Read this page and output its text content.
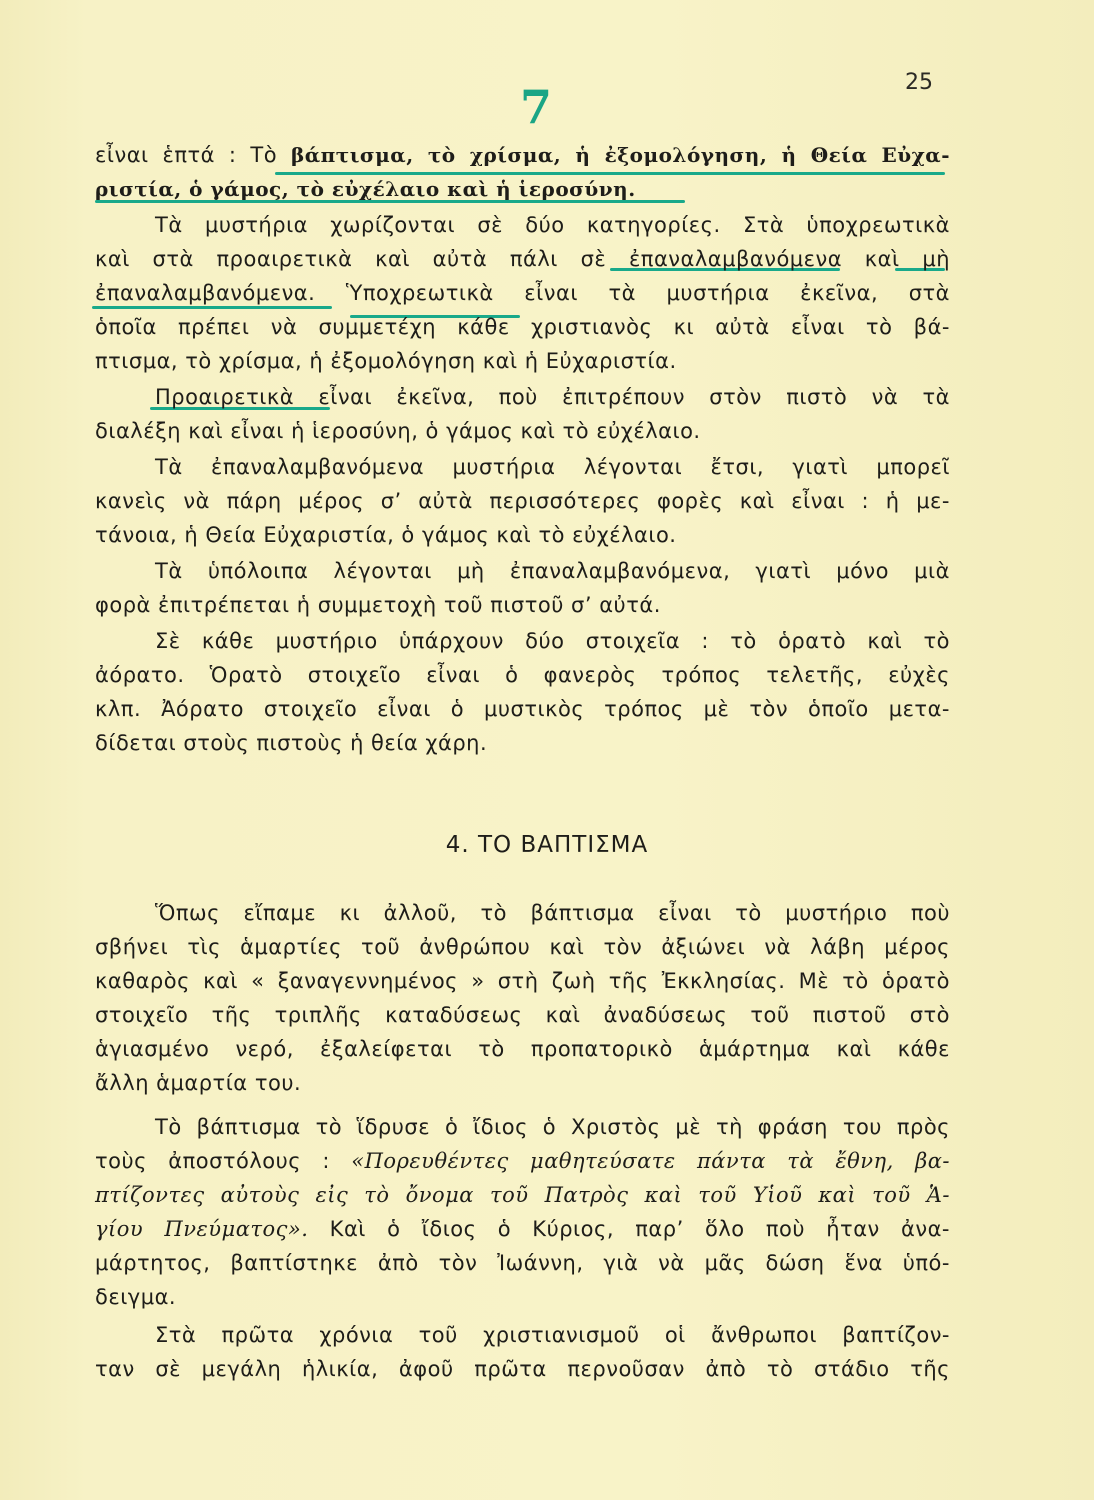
25
7
εἶναι ἑπτά : Τὸ βάπτισμα, τὸ χρίσμα, ἡ ἐξομολόγηση, ἡ Θεία Εὐχα-
ριστία, ὁ γάμος, τὸ εὐχέλαιο καὶ ἡ ἱεροσύνη.
Τὰ μυστήρια χωρίζονται σὲ δύο κατηγορίες. Στὰ ὑποχρεωτικὰ
καὶ στὰ προαιρετικὰ καὶ αὐτὰ πάλι σὲ ἐπαναλαμβανόμενα καὶ μὴ
ἐπαναλαμβανόμενα. Ὑποχρεωτικὰ εἶναι τὰ μυστήρια ἐκεῖνα, στὰ
ὁποῖα πρέπει νὰ συμμετέχη κάθε χριστιανὸς κι αὐτὰ εἶναι τὸ βά-
πτισμα, τὸ χρίσμα, ἡ ἐξομολόγηση καὶ ἡ Εὐχαριστία.
Προαιρετικὰ εἶναι ἐκεῖνα, ποὺ ἐπιτρέπουν στὸν πιστὸ νὰ τὰ
διαλέξη καὶ εἶναι ἡ ἱεροσύνη, ὁ γάμος καὶ τὸ εὐχέλαιο.
Τὰ ἐπαναλαμβανόμενα μυστήρια λέγονται ἔτσι, γιατὶ μπορεῖ
κανεὶς νὰ πάρη μέρος σ’ αὐτὰ περισσότερες φορὲς καὶ εἶναι : ἡ με-
τάνοια, ἡ Θεία Εὐχαριστία, ὁ γάμος καὶ τὸ εὐχέλαιο.
Τὰ ὑπόλοιπα λέγονται μὴ ἐπαναλαμβανόμενα, γιατὶ μόνο μιὰ
φορὰ ἐπιτρέπεται ἡ συμμετοχὴ τοῦ πιστοῦ σ’ αὐτά.
Σὲ κάθε μυστήριο ὑπάρχουν δύο στοιχεῖα : τὸ ὁρατὸ καὶ τὸ
ἀόρατο. Ὁρατὸ στοιχεῖο εἶναι ὁ φανερὸς τρόπος τελετῆς, εὐχὲς
κλπ. Ἀόρατο στοιχεῖο εἶναι ὁ μυστικὸς τρόπος μὲ τὸν ὁποῖο μετα-
δίδεται στοὺς πιστοὺς ἡ θεία χάρη.
4. ΤΟ ΒΑΠΤΙΣΜΑ
Ὅπως εἴπαμε κι ἀλλοῦ, τὸ βάπτισμα εἶναι τὸ μυστήριο ποὺ
σβήνει τὶς ἁμαρτίες τοῦ ἀνθρώπου καὶ τὸν ἀξιώνει νὰ λάβη μέρος
καθαρὸς καὶ « ξαναγεννημένος » στὴ ζωὴ τῆς Ἐκκλησίας. Μὲ τὸ ὁρατὸ
στοιχεῖο τῆς τριπλῆς καταδύσεως καὶ ἀναδύσεως τοῦ πιστοῦ στὸ
ἁγιασμένο νερό, ἐξαλείφεται τὸ προπατορικὸ ἁμάρτημα καὶ κάθε
ἄλλη ἁμαρτία του.
Τὸ βάπτισμα τὸ ἵδρυσε ὁ ἴδιος ὁ Χριστὸς μὲ τὴ φράση του πρὸς
τοὺς ἀποστόλους : «Πορευθέντες μαθητεύσατε πάντα τὰ ἔθνη, βα-
πτίζοντες αὐτοὺς εἰς τὸ ὄνομα τοῦ Πατρὸς καὶ τοῦ Υἱοῦ καὶ τοῦ Ἁ-
γίου Πνεύματος». Καὶ ὁ ἴδιος ὁ Κύριος, παρ’ ὅλο ποὺ ἦταν ἀνα-
μάρτητος, βαπτίστηκε ἀπὸ τὸν Ἰωάννη, γιὰ νὰ μᾶς δώση ἕνα ὑπό-
δειγμα.
Στὰ πρῶτα χρόνια τοῦ χριστιανισμοῦ οἱ ἄνθρωποι βαπτίζον-
ταν σὲ μεγάλη ἡλικία, ἀφοῦ πρῶτα περνοῦσαν ἀπὸ τὸ στάδιο τῆς
